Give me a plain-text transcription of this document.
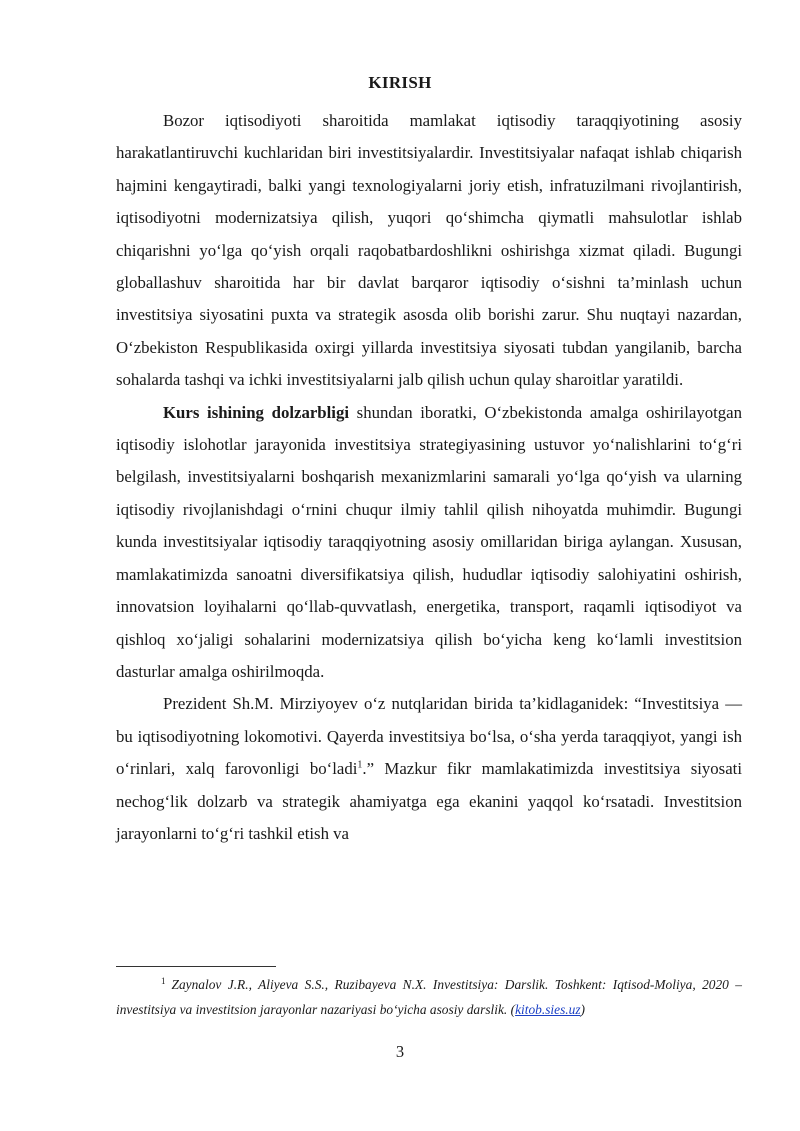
KIRISH

Bozor iqtisodiyoti sharoitida mamlakat iqtisodiy taraqqiyotining asosiy harakatlantiruvchi kuchlaridan biri investitsiyalardir. Investitsiyalar nafaqat ishlab chiqarish hajmini kengaytiradi, balki yangi texnologiyalarni joriy etish, infratuzilmani rivojlantirish, iqtisodiyotni modernizatsiya qilish, yuqori qo‘shimcha qiymatli mahsulotlar ishlab chiqarishni yo‘lga qo‘yish orqali raqobatbardoshlikni oshirishga xizmat qiladi. Bugungi globallashuv sharoitida har bir davlat barqaror iqtisodiy o‘sishni ta’minlash uchun investitsiya siyosatini puxta va strategik asosda olib borishi zarur. Shu nuqtayi nazardan, O‘zbekiston Respublikasida oxirgi yillarda investitsiya siyosati tubdan yangilanib, barcha sohalarda tashqi va ichki investitsiyalarni jalb qilish uchun qulay sharoitlar yaratildi.

Kurs ishining dolzarbligi shundan iboratki, O‘zbekistonda amalga oshirilayotgan iqtisodiy islohotlar jarayonida investitsiya strategiyasining ustuvor yo‘nalishlarini to‘g‘ri belgilash, investitsiyalarni boshqarish mexanizmlarini samarali yo‘lga qo‘yish va ularning iqtisodiy rivojlanishdagi o‘rnini chuqur ilmiy tahlil qilish nihoyatda muhimdir. Bugungi kunda investitsiyalar iqtisodiy taraqqiyotning asosiy omillaridan biriga aylangan. Xususan, mamlakatimizda sanoatni diversifikatsiya qilish, hududlar iqtisodiy salohiyatini oshirish, innovatsion loyihalarni qo‘llab-quvvatlash, energetika, transport, raqamli iqtisodiyot va qishloq xo‘jaligi sohalarini modernizatsiya qilish bo‘yicha keng ko‘lamli investitsion dasturlar amalga oshirilmoqda.

Prezident Sh.M. Mirziyoyev o‘z nutqlaridan birida ta’kidlaganidek: “Investitsiya — bu iqtisodiyotning lokomotivi. Qayerda investitsiya bo‘lsa, o‘sha yerda taraqqiyot, yangi ish o‘rinlari, xalq farovonligi bo‘ladi$^1$.” Mazkur fikr mamlakatimizda investitsiya siyosati nechog‘lik dolzarb va strategik ahamiyatga ega ekanini yaqqol ko‘rsatadi. Investitsion jarayonlarni to‘g‘ri tashkil etish va

$^1$ Zaynalov J.R., Aliyeva S.S., Ruzibayeva N.X. Investitsiya: Darslik. Toshkent: Iqtisod-Moliya, 2020 – investitsiya va investitsion jarayonlar nazariyasi bo‘yicha asosiy darslik. (kitob.sies.uz)
3
